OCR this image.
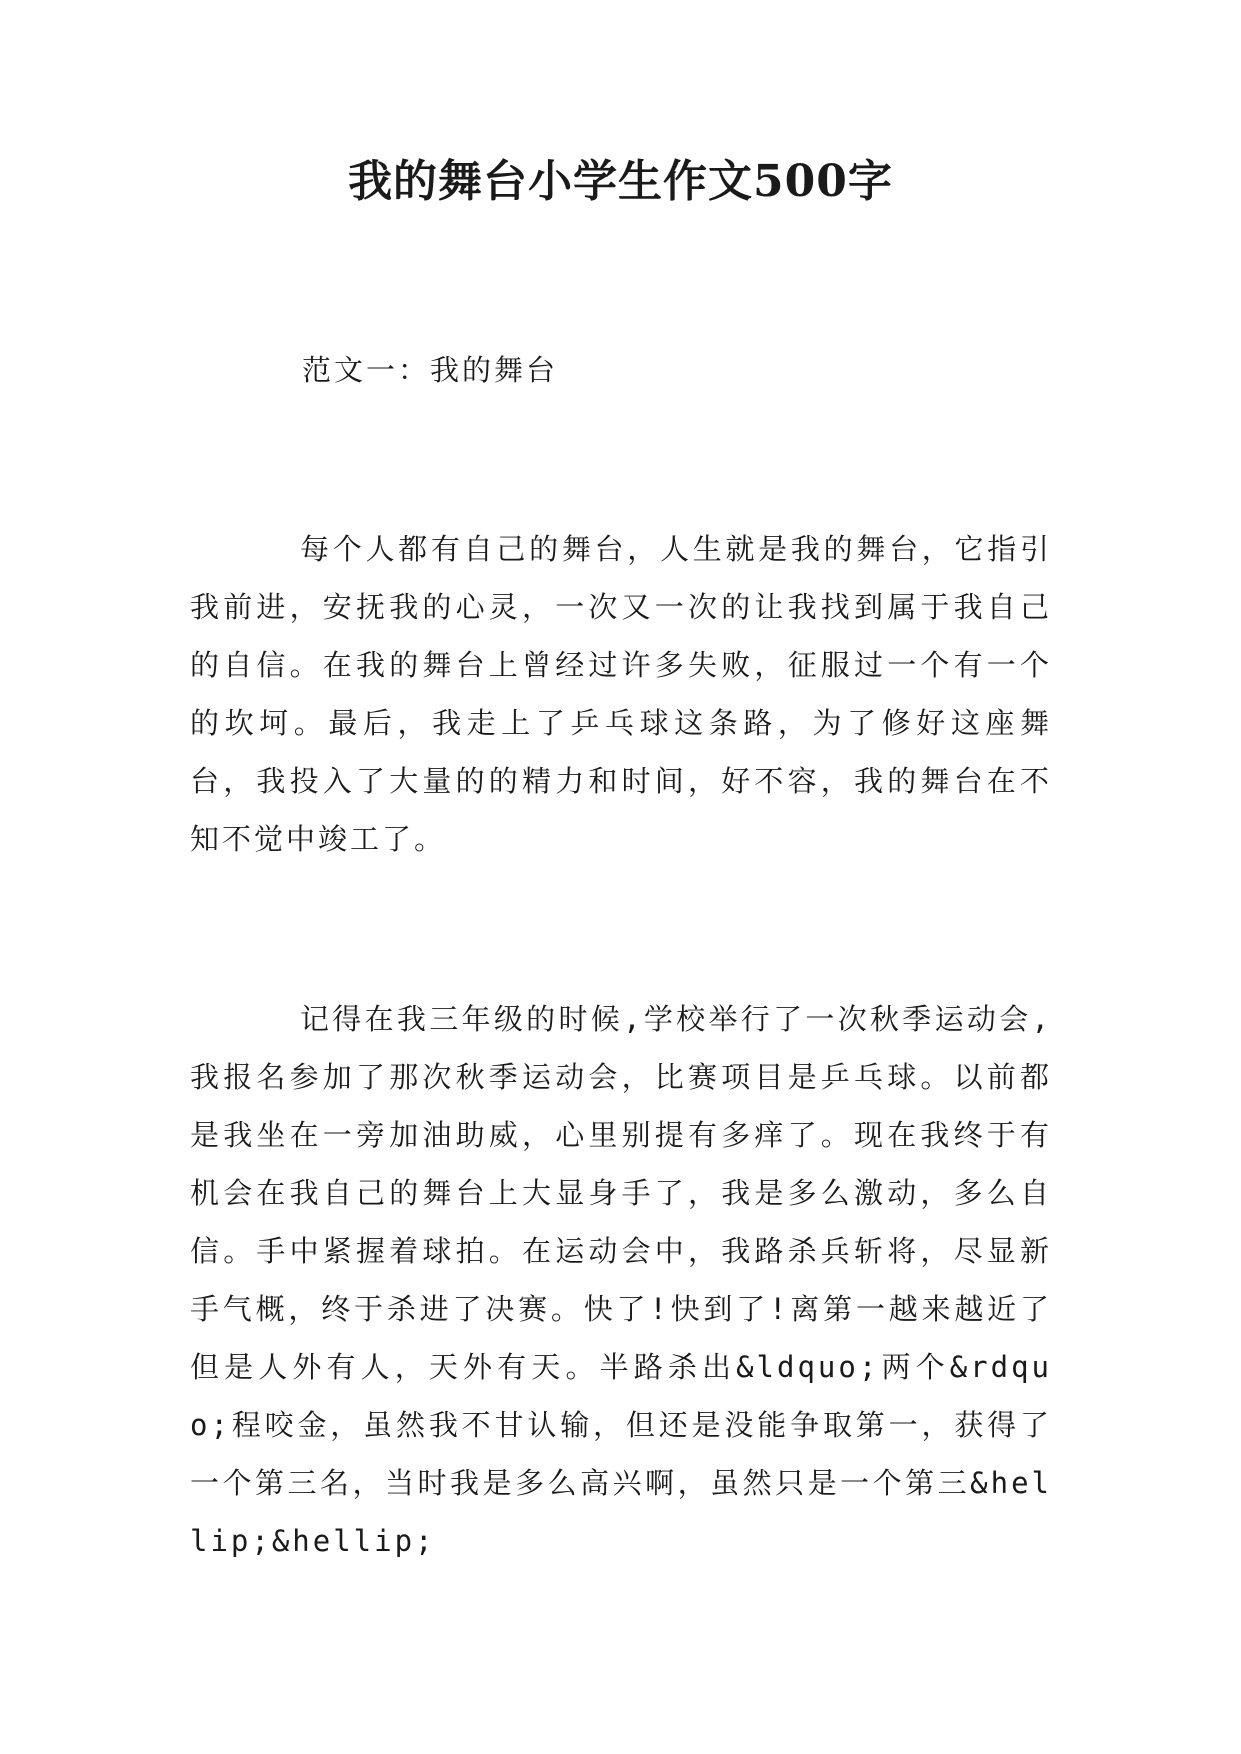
我的舞台小学生作文500字
范文一：我的舞台

每个人都有自己的舞台，人生就是我的舞台，它指引我前进，安抚我的心灵，一次又一次的让我找到属于我自己的自信。在我的舞台上曾经过许多失败，征服过一个有一个的坎坷。最后，我走上了乒乓球这条路，为了修好这座舞台，我投入了大量的的精力和时间，好不容，我的舞台在不知不觉中竣工了。

记得在我三年级的时候,学校举行了一次秋季运动会,我报名参加了那次秋季运动会，比赛项目是乒乓球。以前都是我坐在一旁加油助威，心里别提有多痒了。现在我终于有机会在我自己的舞台上大显身手了，我是多么激动，多么自信。手中紧握着球拍。在运动会中，我路杀兵斩将，尽显新手气概，终于杀进了决赛。快了!快到了!离第一越来越近了但是人外有人，天外有天。半路杀出&ldquo;两个&rdquo;程咬金，虽然我不甘认输，但还是没能争取第一，获得了一个第三名，当时我是多么高兴啊，虽然只是一个第三&hellip;&hellip;
